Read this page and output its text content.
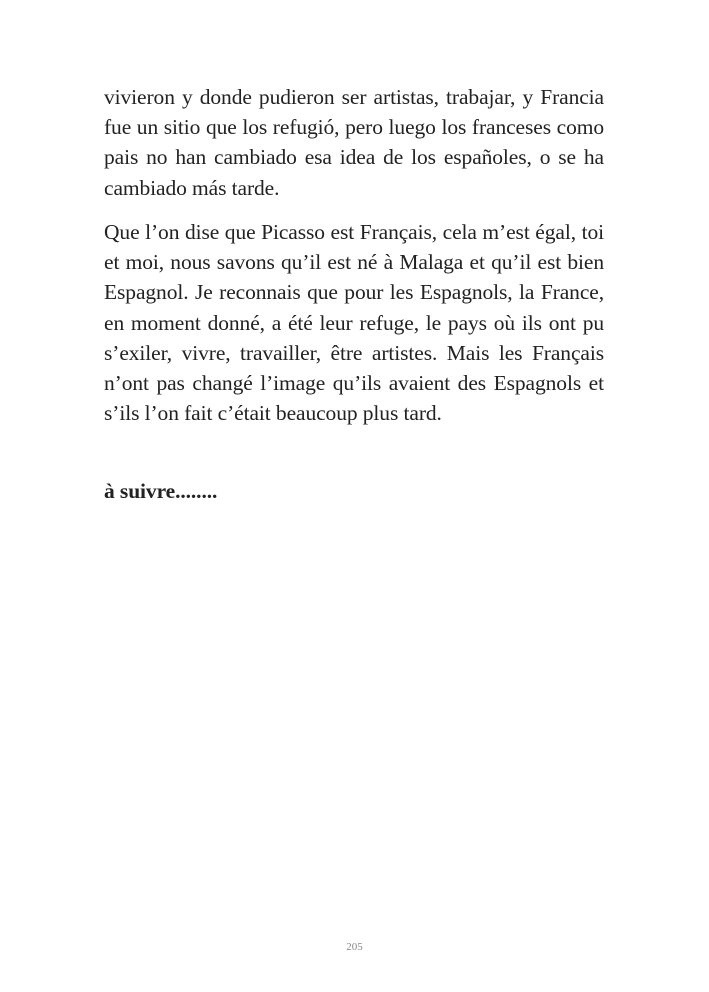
vivieron y donde pudieron ser artistas, trabajar, y Francia fue un sitio que los refugió, pero luego los franceses como pais no han cambiado esa idea de los españoles, o se ha cambiado más tarde.
Que l’on dise que Picasso est Français, cela m’est égal, toi et moi, nous savons qu’il est né à Malaga et qu’il est bien Espagnol. Je reconnais que pour les Espagnols, la France, en moment donné, a été leur refuge, le pays où ils ont pu s’exiler, vivre, travailler, être artistes. Mais les Français n’ont pas changé l’image qu’ils avaient des Espagnols et s’ils l’on fait c’était beaucoup plus tard.
à suivre........
205
